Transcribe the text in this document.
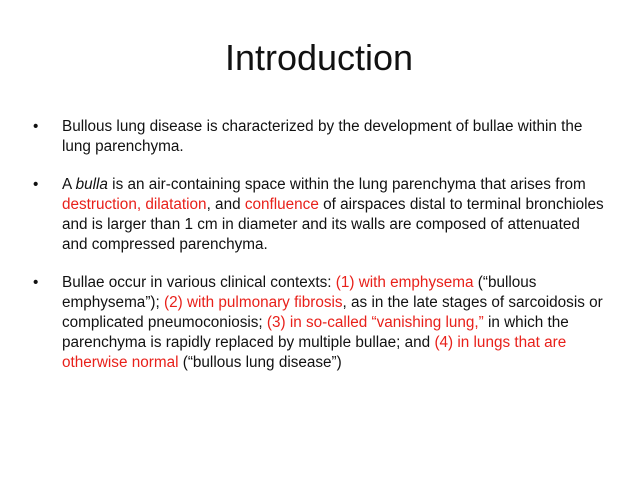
Introduction
• Bullous lung disease is characterized by the development of bullae within the lung parenchyma.
• A bulla is an air-containing space within the lung parenchyma that arises from destruction, dilatation, and confluence of airspaces distal to terminal bronchioles and is larger than 1 cm in diameter and its walls are composed of attenuated and compressed parenchyma.
• Bullae occur in various clinical contexts: (1) with emphysema (“bullous emphysema”); (2) with pulmonary fibrosis, as in the late stages of sarcoidosis or complicated pneumoconiosis; (3) in so-called “vanishing lung,” in which the parenchyma is rapidly replaced by multiple bullae; and (4) in lungs that are otherwise normal (“bullous lung disease”)
